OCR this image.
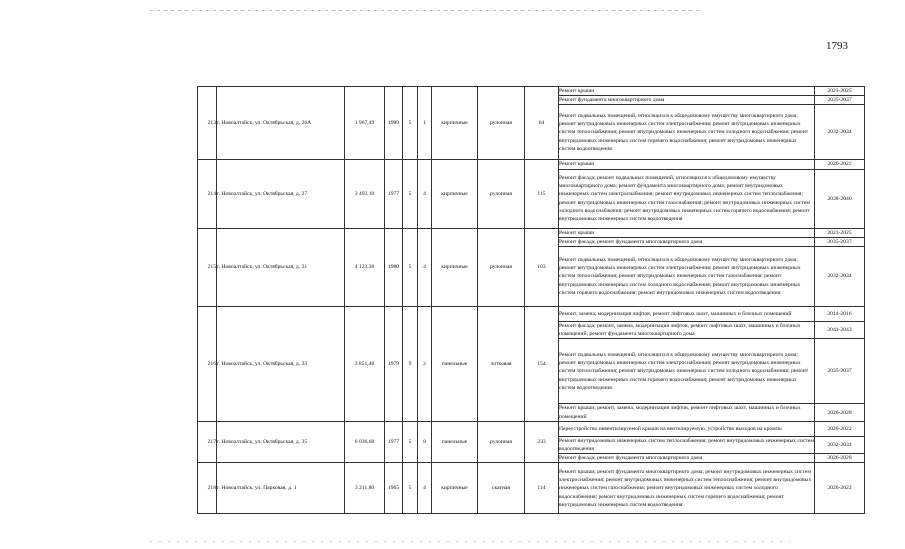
1793
213	г. Новоалтайск, ул. Октябрьская, д. 26А	1 967,49	1989	5	1	кирпичные	рулонная	64	Ремонт крыши	2023-2025
									Ремонт фундамента многоквартирного дома	2035-2037
									Ремонт подвальных помещений, относящихся к общедомовому имуществу многоквартирного дома; ремонт внутридомовых инженерных систем электроснабжения; ремонт внутридомовых инженерных систем теплоснабжения; ремонт внутридомовых инженерных систем холодного водоснабжения; ремонт внутридомовых инженерных систем горячего водоснабжения; ремонт внутридомовых инженерных систем водоотведения	2032-2034
214	г. Новоалтайск, ул. Октябрьская, д. 27	3 493,10	1977	5	4	кирпичные	рулонная	115	Ремонт крыши	2020-2022
									Ремонт фасада; ремонт подвальных помещений, относящихся к общедомовому имуществу многоквартирного дома; ремонт фундамента многоквартирного дома; ремонт внутридомовых инженерных систем электроснабжения; ремонт внутридомовых инженерных систем теплоснабжения; ремонт внутридомовых инженерных систем газоснабжения; ремонт внутридомовых инженерных систем холодного водоснабжения; ремонт внутридомовых инженерных систем горячего водоснабжения; ремонт внутридомовых инженерных систем водоотведения	2038-2040
215	г. Новоалтайск, ул. Октябрьская, д. 31	4 123,30	1980	5	4	кирпичные	рулонная	103	Ремонт крыши	2023-2025
									Ремонт фасада; ремонт фундамента многоквартирного дома	2035-2037
									Ремонт подвальных помещений, относящихся к общедомовому имуществу многоквартирного дома; ремонт внутридомовых инженерных систем электроснабжения; ремонт внутридомовых инженерных систем теплоснабжения; ремонт внутридомовых инженерных систем газоснабжения; ремонт внутридомовых инженерных систем холодного водоснабжения; ремонт внутридомовых инженерных систем горячего водоснабжения; ремонт внутридомовых инженерных систем водоотведения	2032-2034
216	г. Новоалтайск, ул. Октябрьская, д. 33	3 851,40	1979	9	2	панельные	лотковая	154	Ремонт, замена, модернизация лифтов, ремонт лифтовых шахт, машинных и блочных помещений	2014-2016
									Ремонт фасада; ремонт, замена, модернизация лифтов, ремонт лифтовых шахт, машинных и блочных помещений; ремонт фундамента многоквартирного дома	2041-2043
									Ремонт подвальных помещений, относящихся к общедомовому имуществу многоквартирного дома; ремонт внутридомовых инженерных систем электроснабжения; ремонт внутридомовых инженерных систем теплоснабжения; ремонт внутридомовых инженерных систем холодного водоснабжения; ремонт внутридомовых инженерных систем горячего водоснабжения; ремонт внутридомовых инженерных систем водоотведения	2035-2037
									Ремонт крыши; ремонт, замена, модернизация лифтов, ремонт лифтовых шахт, машинных и блочных помещений	2026-2028
217	г. Новоалтайск, ул. Октябрьская, д. 35	6 036,60	1977	5	8	панельные	рулонная	233	Переустройство невентилируемой крыши на вентилируемую, устройство выходов на кровлю	2020-2022
									Ремонт внутридомовых инженерных систем теплоснабжения; ремонт внутридомовых инженерных систем водоотведения	2032-2034
									Ремонт фасада; ремонт фундамента многоквартирного дома	2026-2028
218	г. Новоалтайск, ул. Парковая, д. 1	3 211,80	1965	5	4	кирпичные	скатная	114	Ремонт крыши; ремонт фундамента многоквартирного дома; ремонт внутридомовых инженерных систем электроснабжения; ремонт внутридомовых инженерных систем теплоснабжения; ремонт внутридомовых инженерных систем газоснабжения; ремонт внутридомовых инженерных систем холодного водоснабжения; ремонт внутридомовых инженерных систем горячего водоснабжения; ремонт внутридомовых инженерных систем водоотведения	2020-2022
